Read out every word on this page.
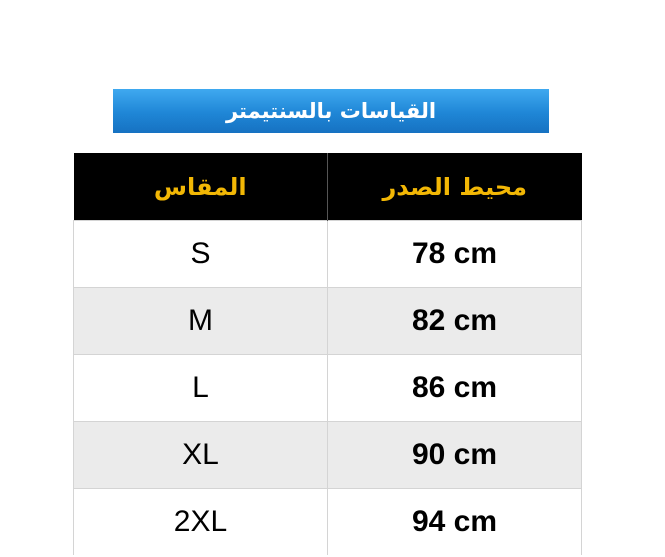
القياسات بالسنتيمتر
المقاس	محيط الصدر
S	78 cm
M	82 cm
L	86 cm
XL	90 cm
2XL	94 cm
